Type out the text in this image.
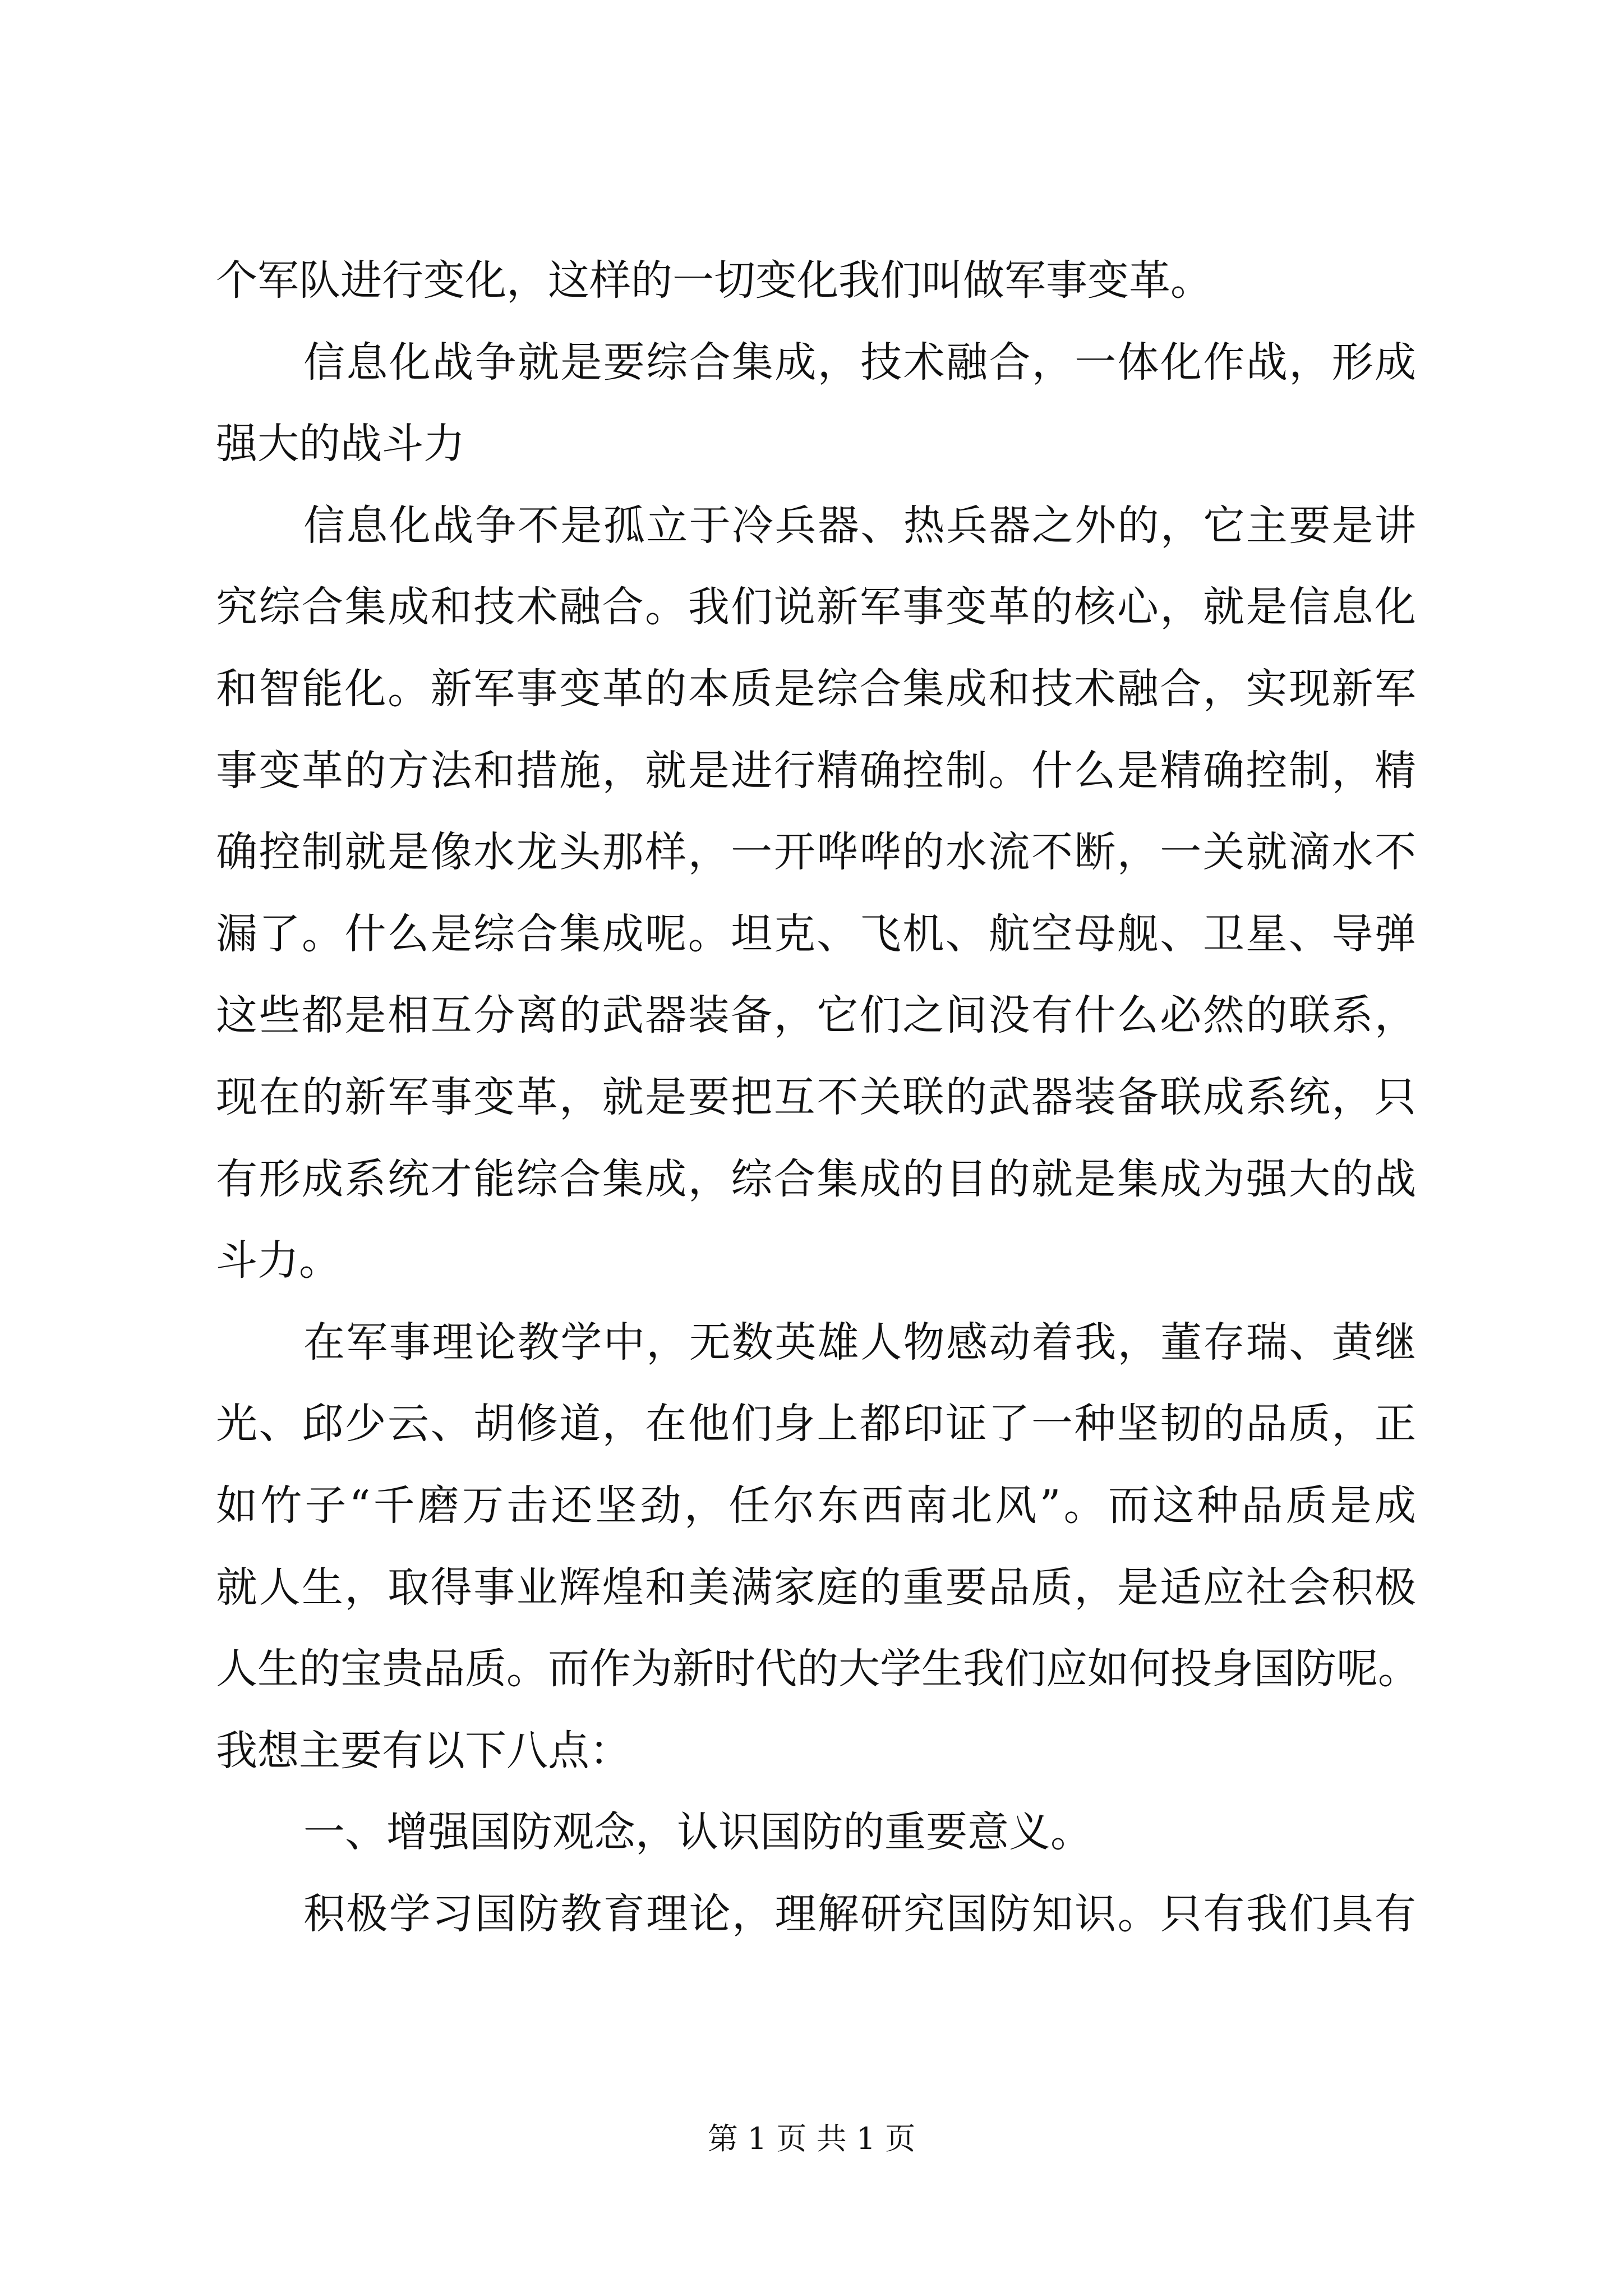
个军队进行变化，这样的一切变化我们叫做军事变革。
信息化战争就是要综合集成，技术融合，一体化作战，形成
强大的战斗力
信息化战争不是孤立于冷兵器、热兵器之外的，它主要是讲
究综合集成和技术融合。我们说新军事变革的核心，就是信息化
和智能化。新军事变革的本质是综合集成和技术融合，实现新军
事变革的方法和措施，就是进行精确控制。什么是精确控制，精
确控制就是像水龙头那样，一开哗哗的水流不断，一关就滴水不
漏了。什么是综合集成呢。坦克、飞机、航空母舰、卫星、导弹
这些都是相互分离的武器装备，它们之间没有什么必然的联系，
现在的新军事变革，就是要把互不关联的武器装备联成系统，只
有形成系统才能综合集成，综合集成的目的就是集成为强大的战
斗力。
在军事理论教学中，无数英雄人物感动着我，董存瑞、黄继
光、邱少云、胡修道，在他们身上都印证了一种坚韧的品质，正
如竹子“千磨万击还坚劲，任尔东西南北风”。而这种品质是成
就人生，取得事业辉煌和美满家庭的重要品质，是适应社会积极
人生的宝贵品质。而作为新时代的大学生我们应如何投身国防呢。
我想主要有以下八点：
一、增强国防观念，认识国防的重要意义。
积极学习国防教育理论，理解研究国防知识。只有我们具有
第 1 页 共 1 页
